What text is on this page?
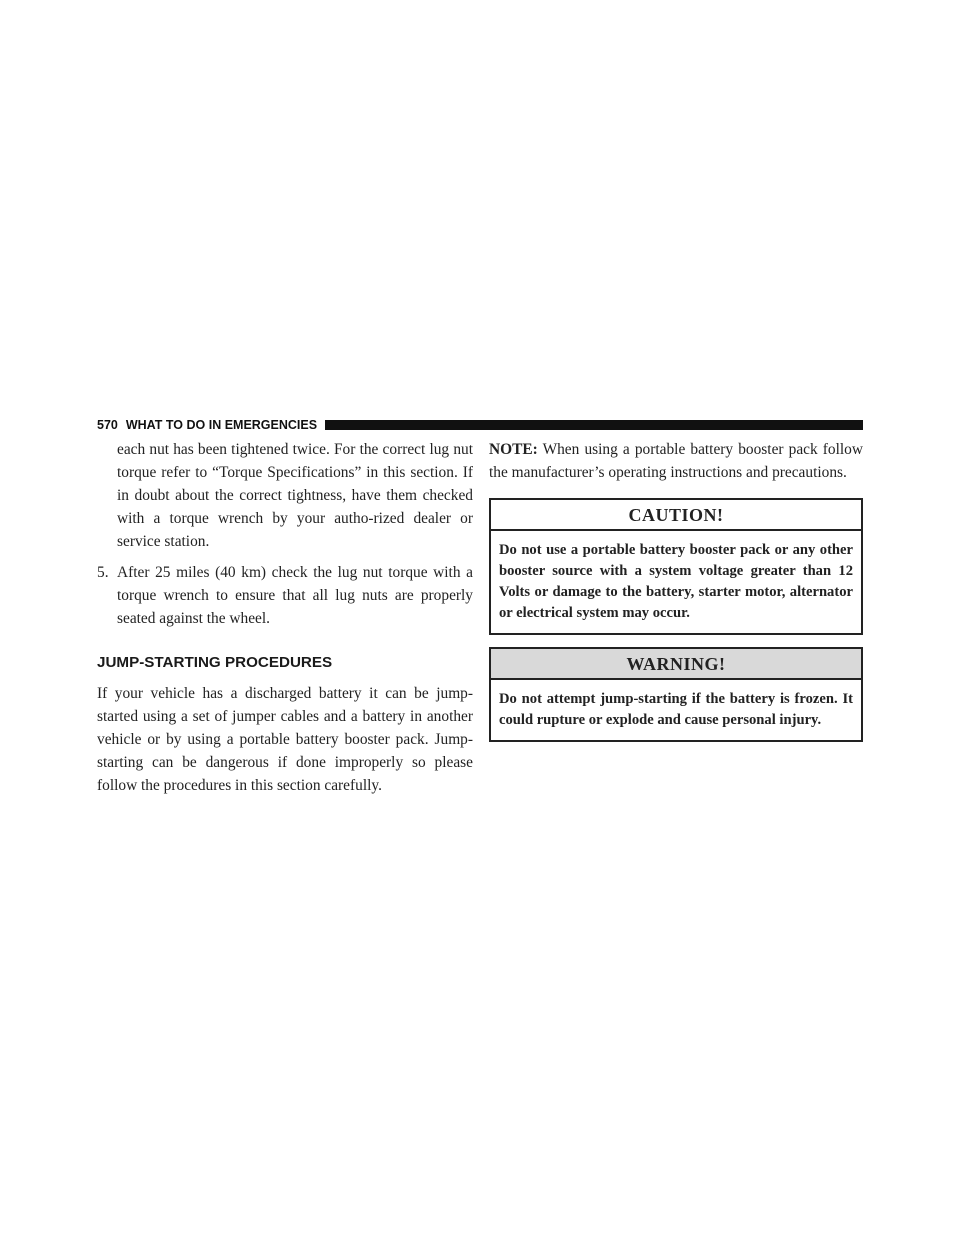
570 WHAT TO DO IN EMERGENCIES

each nut has been tightened twice. For the correct lug nut torque refer to “Torque Specifications” in this section. If in doubt about the correct tightness, have them checked with a torque wrench by your autho-rized dealer or service station.

5. After 25 miles (40 km) check the lug nut torque with a torque wrench to ensure that all lug nuts are properly seated against the wheel.
JUMP-STARTING PROCEDURES

If your vehicle has a discharged battery it can be jump-started using a set of jumper cables and a battery in another vehicle or by using a portable battery booster pack. Jump-starting can be dangerous if done improperly so please follow the procedures in this section carefully.

NOTE: When using a portable battery booster pack follow the manufacturer’s operating instructions and precautions.

CAUTION!
Do not use a portable battery booster pack or any other booster source with a system voltage greater than 12 Volts or damage to the battery, starter motor, alternator or electrical system may occur.
WARNING!
Do not attempt jump-starting if the battery is frozen. It could rupture or explode and cause personal injury.
